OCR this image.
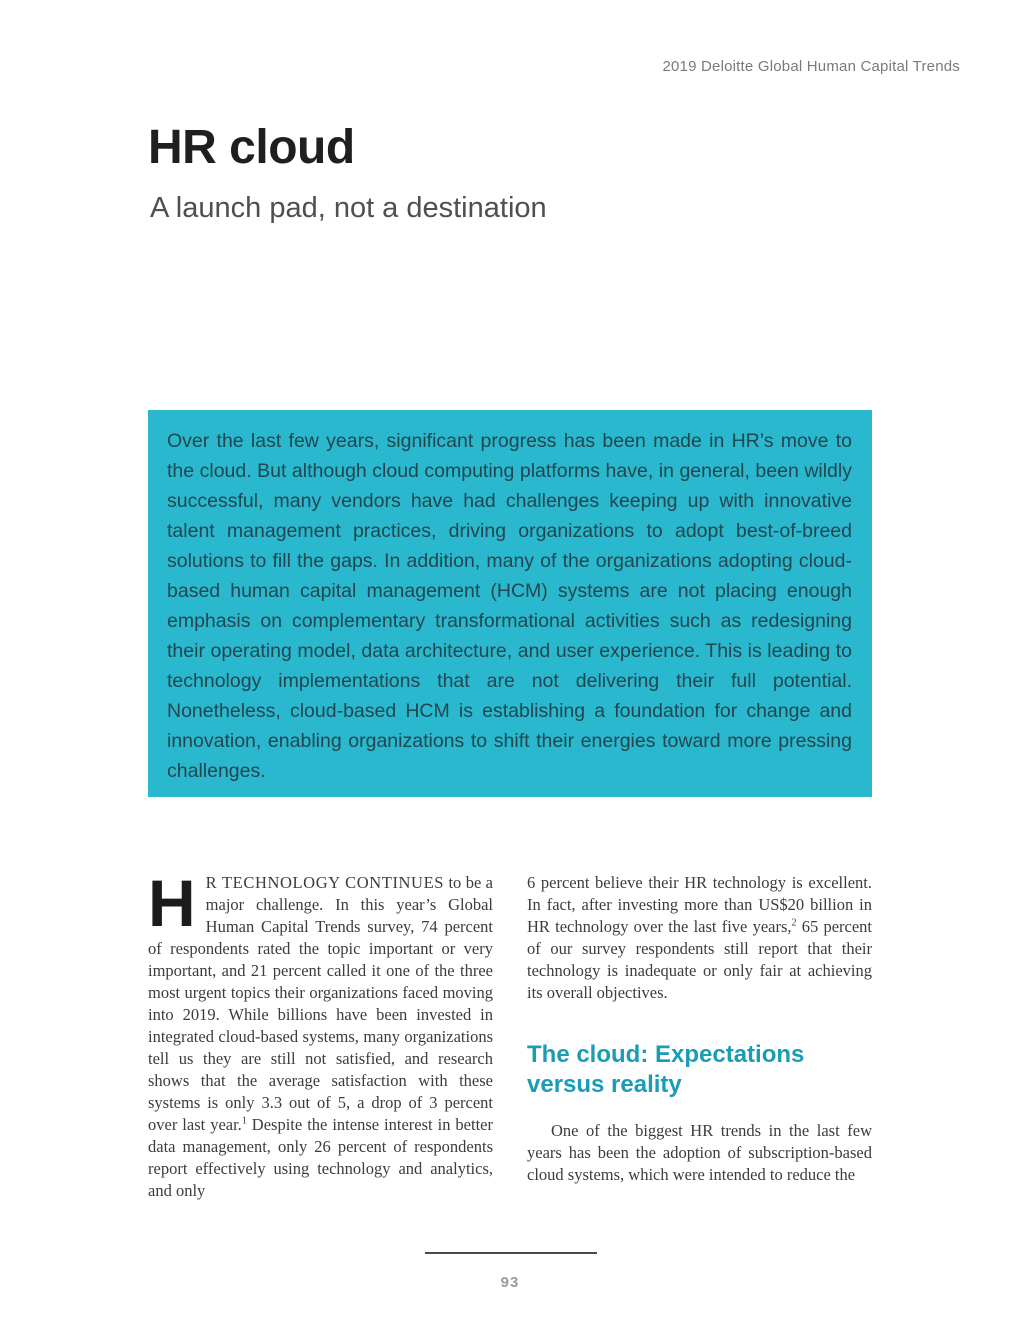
2019 Deloitte Global Human Capital Trends
HR cloud
A launch pad, not a destination

Over the last few years, significant progress has been made in HR’s move to the cloud. But although cloud computing platforms have, in general, been wildly successful, many vendors have had challenges keeping up with innovative talent management practices, driving organizations to adopt best-of-breed solutions to fill the gaps. In addition, many of the organizations adopting cloud-based human capital management (HCM) systems are not placing enough emphasis on complementary transformational activities such as redesigning their operating model, data architecture, and user experience. This is leading to technology implementations that are not delivering their full potential. Nonetheless, cloud-based HCM is establishing a foundation for change and innovation, enabling organizations to shift their energies toward more pressing challenges.

H R TECHNOLOGY CONTINUES to be a major challenge. In this year’s Global Human Capital Trends survey, 74 percent of respondents rated the topic important or very important, and 21 percent called it one of the three most urgent topics their organizations faced moving into 2019. While billions have been invested in integrated cloud-based systems, many organizations tell us they are still not satisfied, and research shows that the average satisfaction with these systems is only 3.3 out of 5, a drop of 3 percent over last year.$^1$ Despite the intense interest in better data management, only 26 percent of respondents report effectively using technology and analytics, and only

6 percent believe their HR technology is excellent. In fact, after investing more than US$20 billion in HR technology over the last five years,$^2$ 65 percent of our survey respondents still report that their technology is inadequate or only fair at achieving its overall objectives.

The cloud: Expectations versus reality

One of the biggest HR trends in the last few years has been the adoption of subscription-based cloud systems, which were intended to reduce the

93
